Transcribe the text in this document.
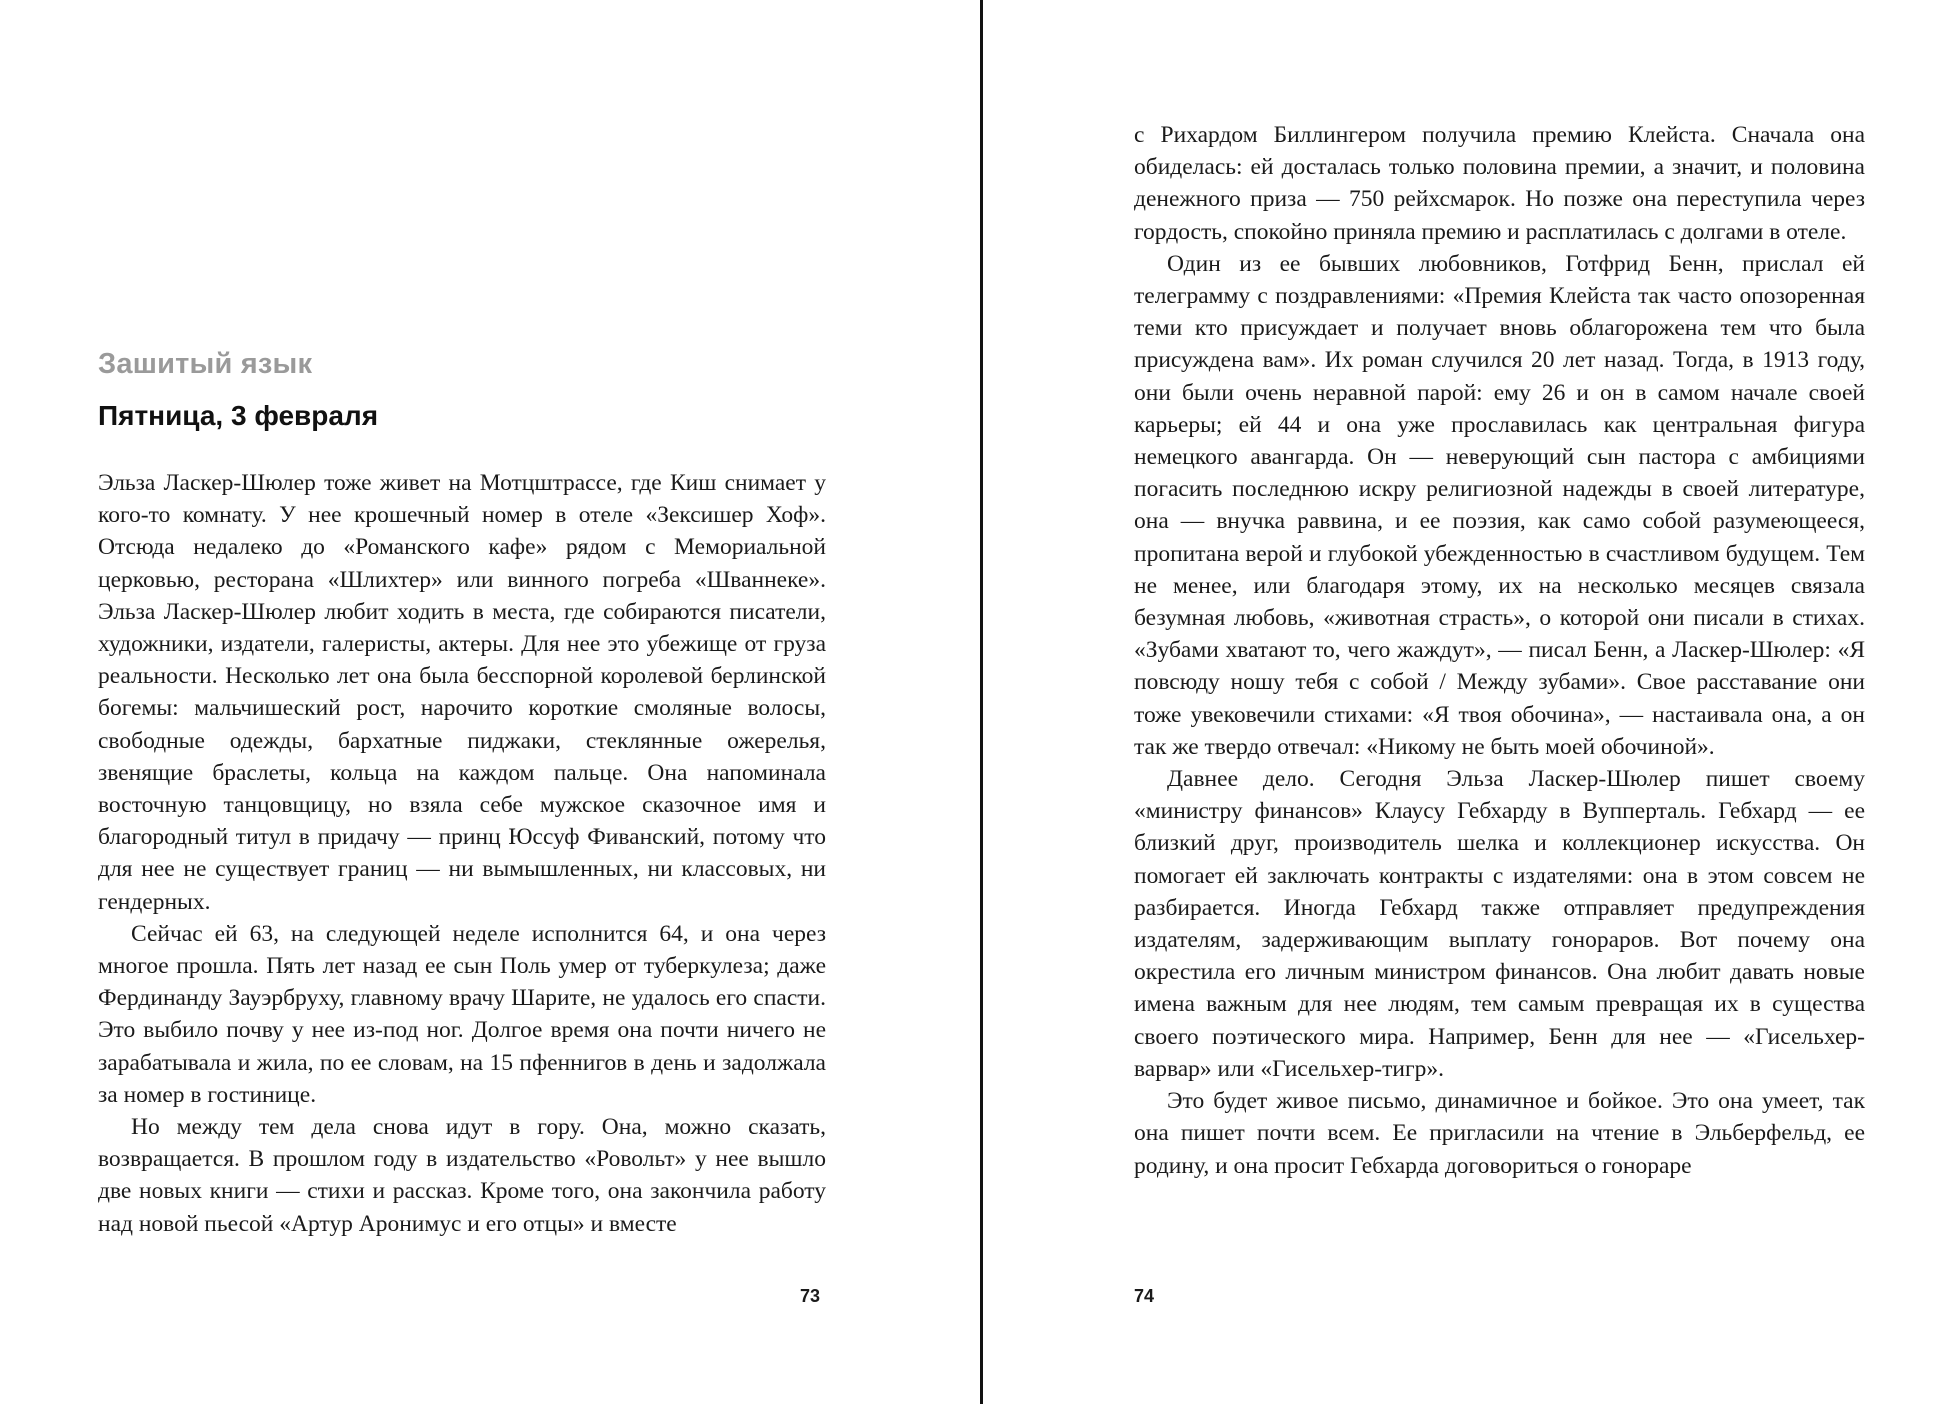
Зашитый язык
Пятница, 3 февраля

Эльза Ласкер-Шюлер тоже живет на Мотцштрассе, где Киш снимает у кого-то комнату. У нее крошечный номер в отеле «Зексишер Хоф». Отсюда недалеко до «Романского кафе» рядом с Мемориальной церковью, ресторана «Шлихтер» или винного погреба «Шваннеке». Эльза Ласкер-Шюлер любит ходить в места, где собираются писатели, художники, издатели, галеристы, актеры. Для нее это убежище от груза реальности. Несколько лет она была бесспорной королевой берлинской богемы: мальчишеский рост, нарочито короткие смоляные волосы, свободные одежды, бархатные пиджаки, стеклянные ожерелья, звенящие браслеты, кольца на каждом пальце. Она напоминала восточную танцовщицу, но взяла себе мужское сказочное имя и благородный титул в придачу — принц Юссуф Фиванский, потому что для нее не существует границ — ни вымышленных, ни классовых, ни гендерных.

Сейчас ей 63, на следующей неделе исполнится 64, и она через многое прошла. Пять лет назад ее сын Поль умер от туберкулеза; даже Фердинанду Зауэрбруху, главному врачу Шарите, не удалось его спасти. Это выбило почву у нее из-под ног. Долгое время она почти ничего не зарабатывала и жила, по ее словам, на 15 пфеннигов в день и задолжала за номер в гостинице.

Но между тем дела снова идут в гору. Она, можно сказать, возвращается. В прошлом году в издательство «Ровольт» у нее вышло две новых книги — стихи и рассказ. Кроме того, она закончила работу над новой пьесой «Артур Аронимус и его отцы» и вместе

73

с Рихардом Биллингером получила премию Клейста. Сначала она обиделась: ей досталась только половина премии, а значит, и половина денежного приза — 750 рейхсмарок. Но позже она переступила через гордость, спокойно приняла премию и расплатилась с долгами в отеле.

Один из ее бывших любовников, Готфрид Бенн, прислал ей телеграмму с поздравлениями: «Премия Клейста так часто опозоренная теми кто присуждает и получает вновь облагорожена тем что была присуждена вам». Их роман случился 20 лет назад. Тогда, в 1913 году, они были очень неравной парой: ему 26 и он в самом начале своей карьеры; ей 44 и она уже прославилась как центральная фигура немецкого авангарда. Он — неверующий сын пастора с амбициями погасить последнюю искру религиозной надежды в своей литературе, она — внучка раввина, и ее поэзия, как само собой разумеющееся, пропитана верой и глубокой убежденностью в счастливом будущем. Тем не менее, или благодаря этому, их на несколько месяцев связала безумная любовь, «животная страсть», о которой они писали в стихах. «Зубами хватают то, чего жаждут», — писал Бенн, а Ласкер-Шюлер: «Я повсюду ношу тебя с собой / Между зубами». Свое расставание они тоже увековечили стихами: «Я твоя обочина», — настаивала она, а он так же твердо отвечал: «Никому не быть моей обочиной».

Давнее дело. Сегодня Эльза Ласкер-Шюлер пишет своему «министру финансов» Клаусу Гебхарду в Вупперталь. Гебхард — ее близкий друг, производитель шелка и коллекционер искусства. Он помогает ей заключать контракты с издателями: она в этом совсем не разбирается. Иногда Гебхард также отправляет предупреждения издателям, задерживающим выплату гонораров. Вот почему она окрестила его личным министром финансов. Она любит давать новые имена важным для нее людям, тем самым превращая их в существа своего поэтического мира. Например, Бенн для нее — «Гисельхер-варвар» или «Гисельхер-тигр».

Это будет живое письмо, динамичное и бойкое. Это она умеет, так она пишет почти всем. Ее пригласили на чтение в Эльберфельд, ее родину, и она просит Гебхарда договориться о гонораре

74
